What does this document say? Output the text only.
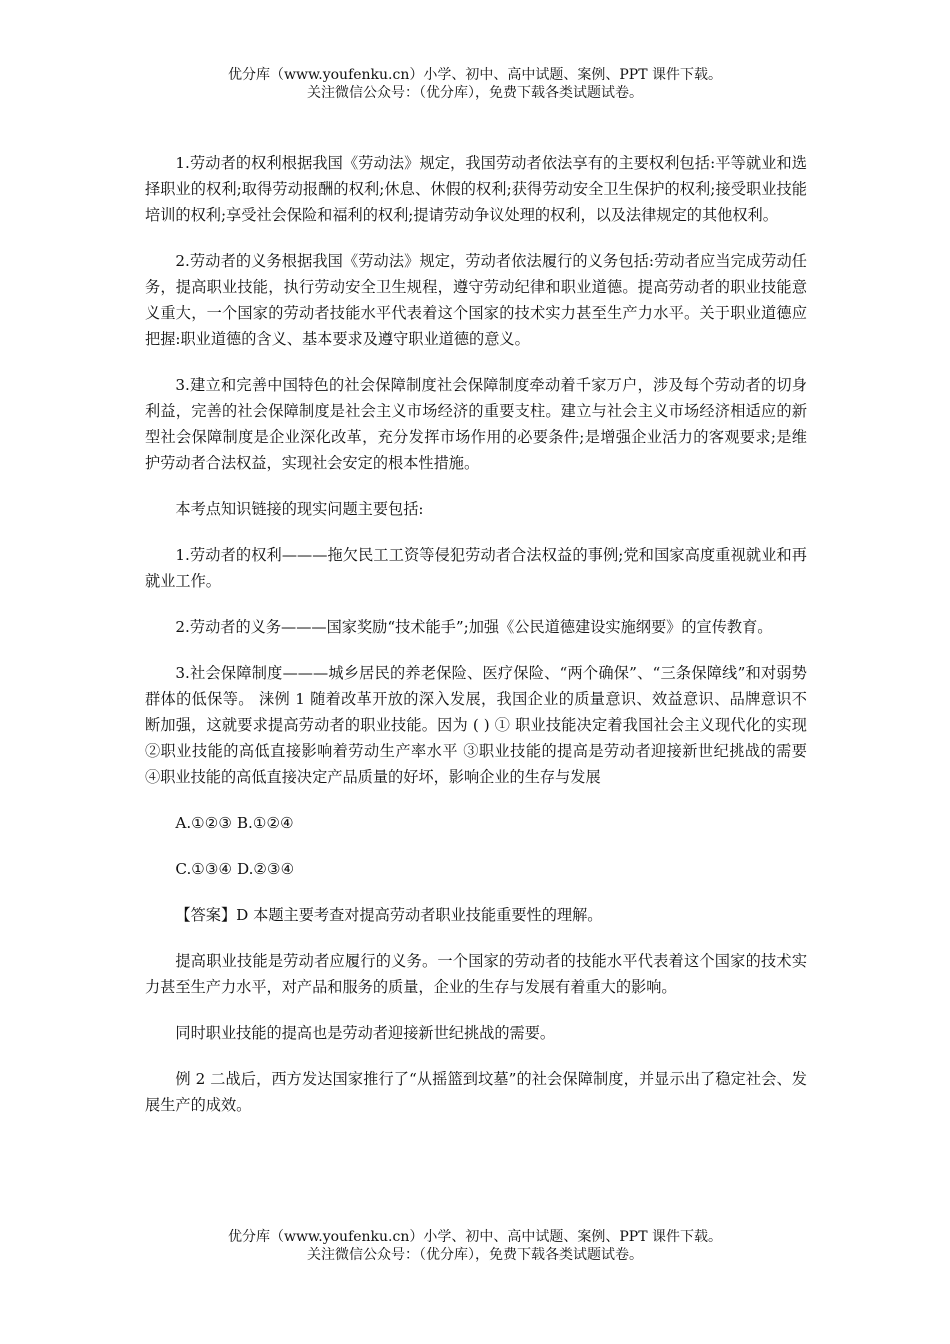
优分库（www.youfenku.cn）小学、初中、高中试题、案例、PPT 课件下载。
关注微信公众号：（优分库），免费下载各类试题试卷。

1.劳动者的权利根据我国《劳动法》规定，我国劳动者依法享有的主要权利包括:平等就业和选择职业的权利;取得劳动报酬的权利;休息、休假的权利;获得劳动安全卫生保护的权利;接受职业技能培训的权利;享受社会保险和福利的权利;提请劳动争议处理的权利，以及法律规定的其他权利。

2.劳动者的义务根据我国《劳动法》规定，劳动者依法履行的义务包括:劳动者应当完成劳动任务，提高职业技能，执行劳动安全卫生规程，遵守劳动纪律和职业道德。提高劳动者的职业技能意义重大，一个国家的劳动者技能水平代表着这个国家的技术实力甚至生产力水平。关于职业道德应把握:职业道德的含义、基本要求及遵守职业道德的意义。

3.建立和完善中国特色的社会保障制度社会保障制度牵动着千家万户，涉及每个劳动者的切身利益，完善的社会保障制度是社会主义市场经济的重要支柱。建立与社会主义市场经济相适应的新型社会保障制度是企业深化改革，充分发挥市场作用的必要条件;是增强企业活力的客观要求;是维护劳动者合法权益，实现社会安定的根本性措施。

本考点知识链接的现实问题主要包括:

1.劳动者的权利———拖欠民工工资等侵犯劳动者合法权益的事例;党和国家高度重视就业和再就业工作。

2.劳动者的义务———国家奖励“技术能手”;加强《公民道德建设实施纲要》的宣传教育。

3.社会保障制度———城乡居民的养老保险、医疗保险、“两个确保”、“三条保障线”和对弱势群体的低保等。 涞例 1 随着改革开放的深入发展，我国企业的质量意识、效益意识、品牌意识不断加强，这就要求提高劳动者的职业技能。因为 ( ) ① 职业技能决定着我国社会主义现代化的实现 ②职业技能的高低直接影响着劳动生产率水平 ③职业技能的提高是劳动者迎接新世纪挑战的需要 ④职业技能的高低直接决定产品质量的好坏，影响企业的生存与发展

A.①②③ B.①②④

C.①③④ D.②③④

【答案】D 本题主要考查对提高劳动者职业技能重要性的理解。

提高职业技能是劳动者应履行的义务。一个国家的劳动者的技能水平代表着这个国家的技术实力甚至生产力水平，对产品和服务的质量，企业的生存与发展有着重大的影响。

同时职业技能的提高也是劳动者迎接新世纪挑战的需要。

例 2 二战后，西方发达国家推行了“从摇篮到坟墓”的社会保障制度，并显示出了稳定社会、发展生产的成效。

优分库（www.youfenku.cn）小学、初中、高中试题、案例、PPT 课件下载。
关注微信公众号：（优分库），免费下载各类试题试卷。
